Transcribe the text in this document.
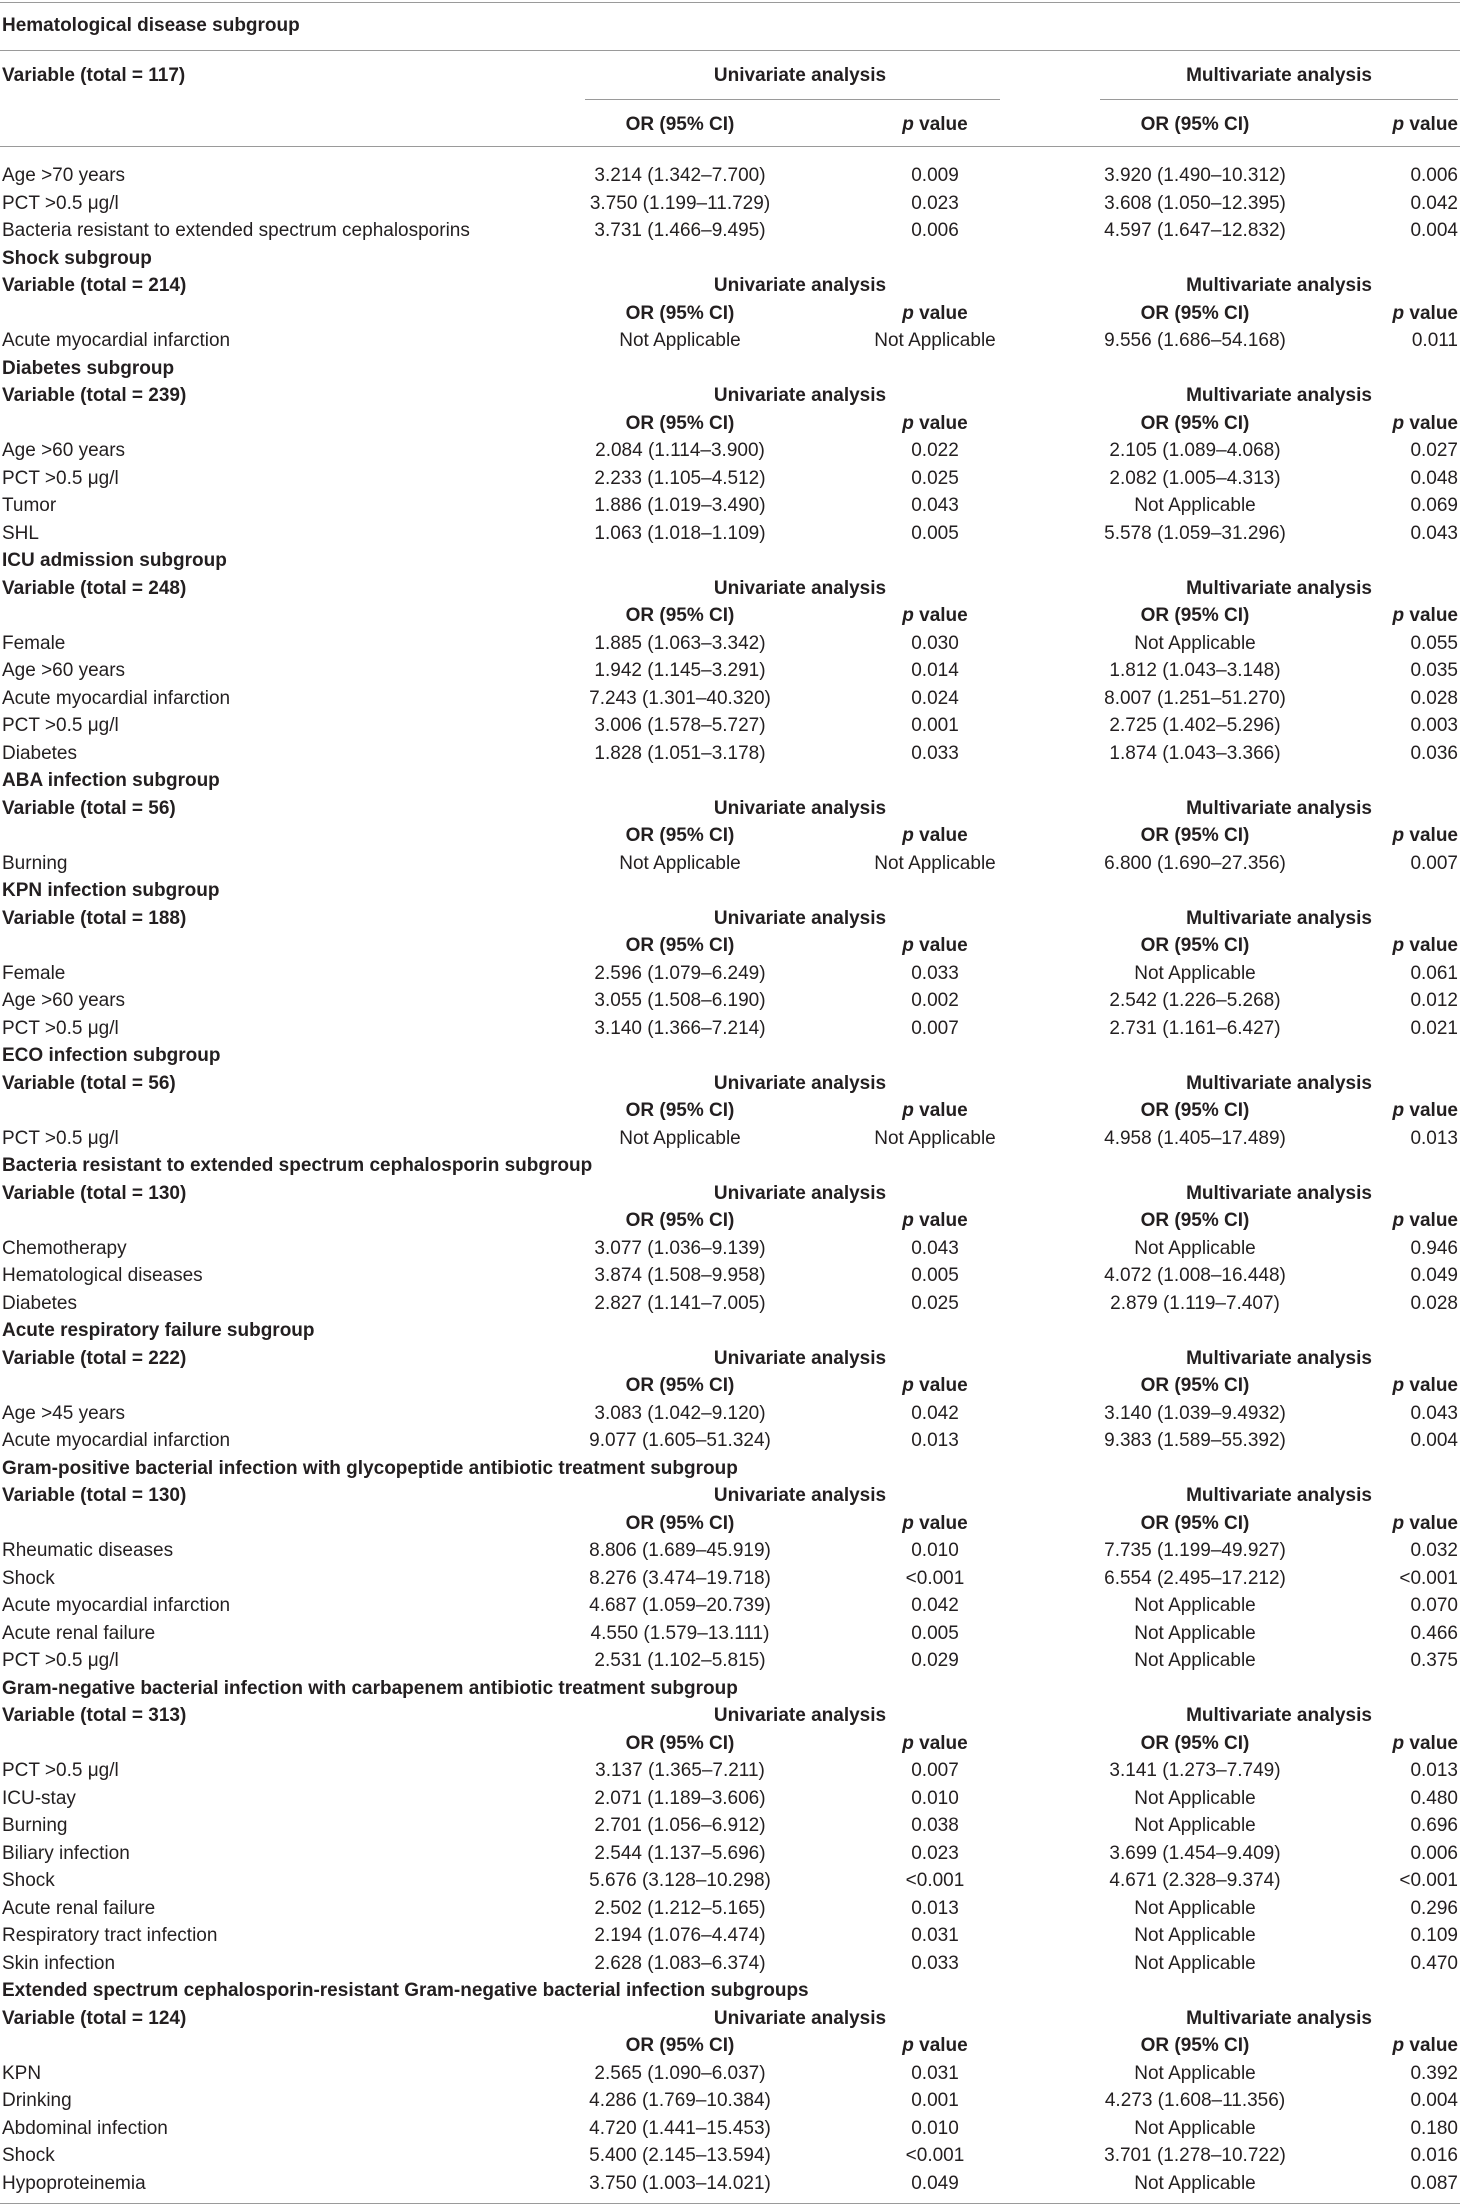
Hematological disease subgroup
Variable (total = 117)	Univariate analysis	Multivariate analysis
OR (95% CI)	p value	OR (95% CI)	p value
Age >70 years	3.214 (1.342–7.700)	0.009	3.920 (1.490–10.312)	0.006
PCT >0.5 μg/l	3.750 (1.199–11.729)	0.023	3.608 (1.050–12.395)	0.042
Bacteria resistant to extended spectrum cephalosporins	3.731 (1.466–9.495)	0.006	4.597 (1.647–12.832)	0.004
Shock subgroup
Variable (total = 214)	Univariate analysis	Multivariate analysis
OR (95% CI)	p value	OR (95% CI)	p value
Acute myocardial infarction	Not Applicable	Not Applicable	9.556 (1.686–54.168)	0.011
Diabetes subgroup
Variable (total = 239)	Univariate analysis	Multivariate analysis
OR (95% CI)	p value	OR (95% CI)	p value
Age >60 years	2.084 (1.114–3.900)	0.022	2.105 (1.089–4.068)	0.027
PCT >0.5 μg/l	2.233 (1.105–4.512)	0.025	2.082 (1.005–4.313)	0.048
Tumor	1.886 (1.019–3.490)	0.043	Not Applicable	0.069
SHL	1.063 (1.018–1.109)	0.005	5.578 (1.059–31.296)	0.043
ICU admission subgroup
Variable (total = 248)	Univariate analysis	Multivariate analysis
OR (95% CI)	p value	OR (95% CI)	p value
Female	1.885 (1.063–3.342)	0.030	Not Applicable	0.055
Age >60 years	1.942 (1.145–3.291)	0.014	1.812 (1.043–3.148)	0.035
Acute myocardial infarction	7.243 (1.301–40.320)	0.024	8.007 (1.251–51.270)	0.028
PCT >0.5 μg/l	3.006 (1.578–5.727)	0.001	2.725 (1.402–5.296)	0.003
Diabetes	1.828 (1.051–3.178)	0.033	1.874 (1.043–3.366)	0.036
ABA infection subgroup
Variable (total = 56)	Univariate analysis	Multivariate analysis
OR (95% CI)	p value	OR (95% CI)	p value
Burning	Not Applicable	Not Applicable	6.800 (1.690–27.356)	0.007
KPN infection subgroup
Variable (total = 188)	Univariate analysis	Multivariate analysis
OR (95% CI)	p value	OR (95% CI)	p value
Female	2.596 (1.079–6.249)	0.033	Not Applicable	0.061
Age >60 years	3.055 (1.508–6.190)	0.002	2.542 (1.226–5.268)	0.012
PCT >0.5 μg/l	3.140 (1.366–7.214)	0.007	2.731 (1.161–6.427)	0.021
ECO infection subgroup
Variable (total = 56)	Univariate analysis	Multivariate analysis
OR (95% CI)	p value	OR (95% CI)	p value
PCT >0.5 μg/l	Not Applicable	Not Applicable	4.958 (1.405–17.489)	0.013
Bacteria resistant to extended spectrum cephalosporin subgroup
Variable (total = 130)	Univariate analysis	Multivariate analysis
OR (95% CI)	p value	OR (95% CI)	p value
Chemotherapy	3.077 (1.036–9.139)	0.043	Not Applicable	0.946
Hematological diseases	3.874 (1.508–9.958)	0.005	4.072 (1.008–16.448)	0.049
Diabetes	2.827 (1.141–7.005)	0.025	2.879 (1.119–7.407)	0.028
Acute respiratory failure subgroup
Variable (total = 222)	Univariate analysis	Multivariate analysis
OR (95% CI)	p value	OR (95% CI)	p value
Age >45 years	3.083 (1.042–9.120)	0.042	3.140 (1.039–9.4932)	0.043
Acute myocardial infarction	9.077 (1.605–51.324)	0.013	9.383 (1.589–55.392)	0.004
Gram-positive bacterial infection with glycopeptide antibiotic treatment subgroup
Variable (total = 130)	Univariate analysis	Multivariate analysis
OR (95% CI)	p value	OR (95% CI)	p value
Rheumatic diseases	8.806 (1.689–45.919)	0.010	7.735 (1.199–49.927)	0.032
Shock	8.276 (3.474–19.718)	<0.001	6.554 (2.495–17.212)	<0.001
Acute myocardial infarction	4.687 (1.059–20.739)	0.042	Not Applicable	0.070
Acute renal failure	4.550 (1.579–13.111)	0.005	Not Applicable	0.466
PCT >0.5 μg/l	2.531 (1.102–5.815)	0.029	Not Applicable	0.375
Gram-negative bacterial infection with carbapenem antibiotic treatment subgroup
Variable (total = 313)	Univariate analysis	Multivariate analysis
OR (95% CI)	p value	OR (95% CI)	p value
PCT >0.5 μg/l	3.137 (1.365–7.211)	0.007	3.141 (1.273–7.749)	0.013
ICU-stay	2.071 (1.189–3.606)	0.010	Not Applicable	0.480
Burning	2.701 (1.056–6.912)	0.038	Not Applicable	0.696
Biliary infection	2.544 (1.137–5.696)	0.023	3.699 (1.454–9.409)	0.006
Shock	5.676 (3.128–10.298)	<0.001	4.671 (2.328–9.374)	<0.001
Acute renal failure	2.502 (1.212–5.165)	0.013	Not Applicable	0.296
Respiratory tract infection	2.194 (1.076–4.474)	0.031	Not Applicable	0.109
Skin infection	2.628 (1.083–6.374)	0.033	Not Applicable	0.470
Extended spectrum cephalosporin-resistant Gram-negative bacterial infection subgroups
Variable (total = 124)	Univariate analysis	Multivariate analysis
OR (95% CI)	p value	OR (95% CI)	p value
KPN	2.565 (1.090–6.037)	0.031	Not Applicable	0.392
Drinking	4.286 (1.769–10.384)	0.001	4.273 (1.608–11.356)	0.004
Abdominal infection	4.720 (1.441–15.453)	0.010	Not Applicable	0.180
Shock	5.400 (2.145–13.594)	<0.001	3.701 (1.278–10.722)	0.016
Hypoproteinemia	3.750 (1.003–14.021)	0.049	Not Applicable	0.087
